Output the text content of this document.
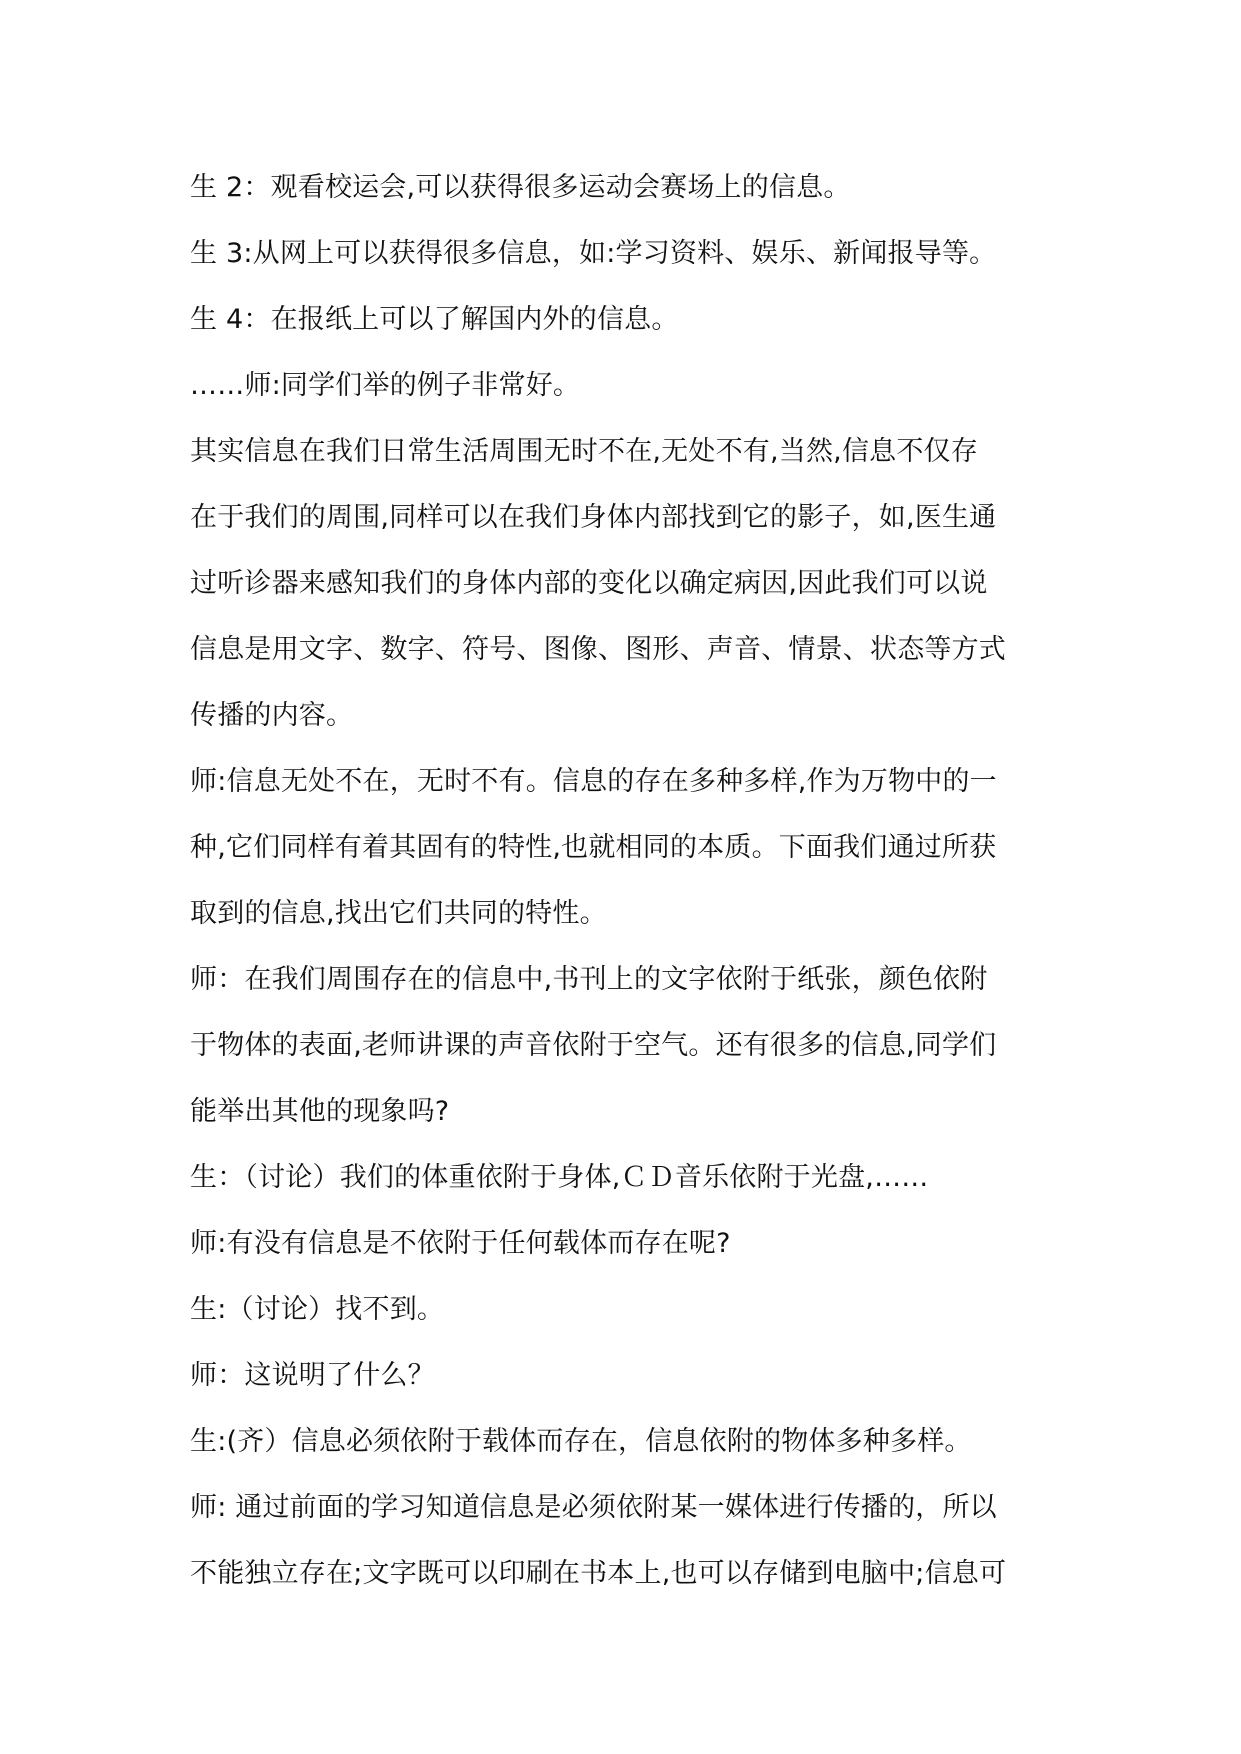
生 2：观看校运会,可以获得很多运动会赛场上的信息。
生 3:从网上可以获得很多信息，如:学习资料、娱乐、新闻报导等。
生 4：在报纸上可以了解国内外的信息。
……师:同学们举的例子非常好。
其实信息在我们日常生活周围无时不在,无处不有,当然,信息不仅存
在于我们的周围,同样可以在我们身体内部找到它的影子，如,医生通
过听诊器来感知我们的身体内部的变化以确定病因,因此我们可以说
信息是用文字、数字、符号、图像、图形、声音、情景、状态等方式
传播的内容。
师:信息无处不在，无时不有。信息的存在多种多样,作为万物中的一
种,它们同样有着其固有的特性,也就相同的本质。下面我们通过所获
取到的信息,找出它们共同的特性。
师：在我们周围存在的信息中,书刊上的文字依附于纸张，颜色依附
于物体的表面,老师讲课的声音依附于空气。还有很多的信息,同学们
能举出其他的现象吗?
生：（讨论）我们的体重依附于身体,ＣＤ音乐依附于光盘,……
师:有没有信息是不依附于任何载体而存在呢?
生:（讨论）找不到。
师：这说明了什么？
生:(齐）信息必须依附于载体而存在，信息依附的物体多种多样。
师: 通过前面的学习知道信息是必须依附某一媒体进行传播的，所以
不能独立存在;文字既可以印刷在书本上,也可以存储到电脑中;信息可
